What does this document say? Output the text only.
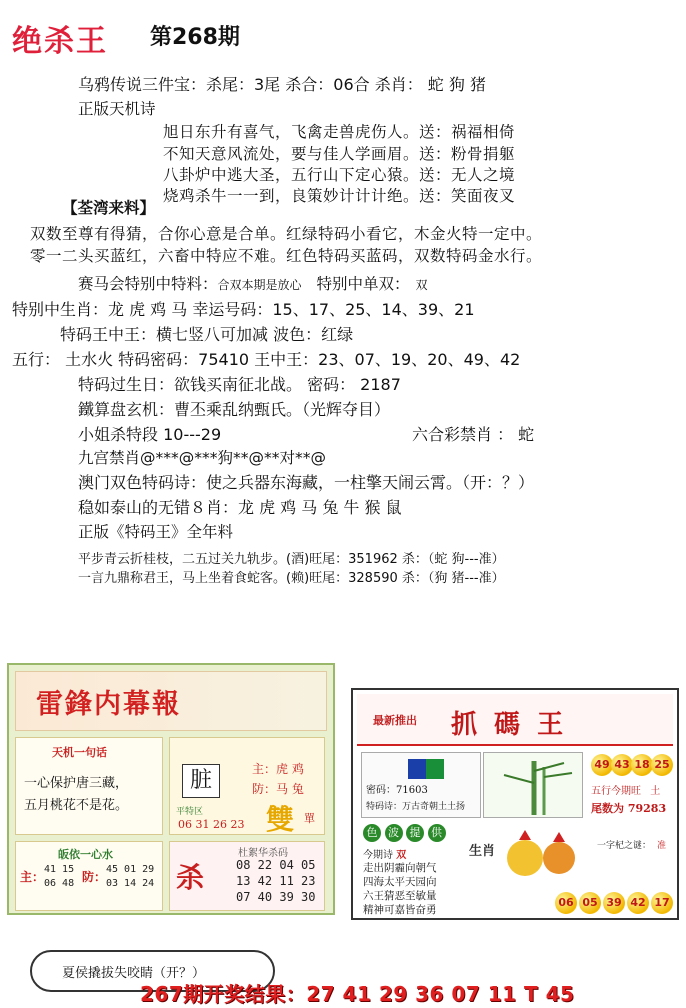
绝杀王 第268期
乌鸦传说三件宝：杀尾：3尾 杀合：06合 杀肖： 蛇 狗 猪
正版天机诗
旭日东升有喜气，飞禽走兽虎伤人。送：祸福相倚
不知天意风流处，要与佳人学画眉。送：粉骨捐躯
八卦炉中逃大圣，五行山下定心猿。送：无人之境
烧鸡杀牛一一到，良策妙计计计绝。送：笑面夜叉
【荃湾来料】
双数至尊有得猜，合你心意是合单。红绿特码小看它，木金火特一定中。
零一二头买蓝红，六畜中特应不难。红色特码买蓝码，双数特码金水行。
赛马会特别中特料：合双本期是放心 特别中单双： 双
特别中生肖：龙 虎 鸡 马 幸运号码：15、17、25、14、39、21
特码王中王：横七竖八可加减 波色：红绿
五行： 土水火 特码密码：75410 王中王：23、07、19、20、49、42
特码过生日：欲钱买南征北战。 密码： 2187
鐵算盘玄机：曹丕乘乱纳甄氏。（光辉夺目）
小姐杀特段 10---29	六合彩禁肖 ： 蛇
九宫禁肖@***@***狗**@**对**@
澳门双色特码诗：使之兵器东海藏，一柱擎天闹云霄。（开：？）
稳如泰山的无错８肖：龙 虎 鸡 马 兔 牛 猴 鼠
正版《特码王》全年料
平步青云折桂枝，二五过关九轨步。(酒)旺尾：351962 杀：（蛇 狗---准）
一言九鼎称君王，马上坐着食蛇客。(赖)旺尾：328590 杀：（狗 猪---准）
雷鋒内幕報
天机一句话
一心保护唐三藏，
五月桃花不是花。
脏	主：虎 鸡
防：马 兔
平特区
06 31 26 23 雙 單
皈依一心水
主：
41 15
06 48 防：
45 01 29
03 14 24 杀
杜絮华杀码
08 22 04 05
13 42 11 23
07 40 39 30
最新推出 抓 碼 王
密码：71603
特码诗：万古奇朝土土扬
49 43 18 25
五行今期旺 土
尾数为 79283
色 波 提 供
今期诗 双
走出阴霾向朝气
四海太平天园向
六王猜恶至敏量
精神可嘉皆奋勇
生肖	一字杞之谜： 准
06 05 39 42 17
夏侯撬拔失咬睛（开？）
267期开奖结果：27 41 29 36 07 11 T 45
